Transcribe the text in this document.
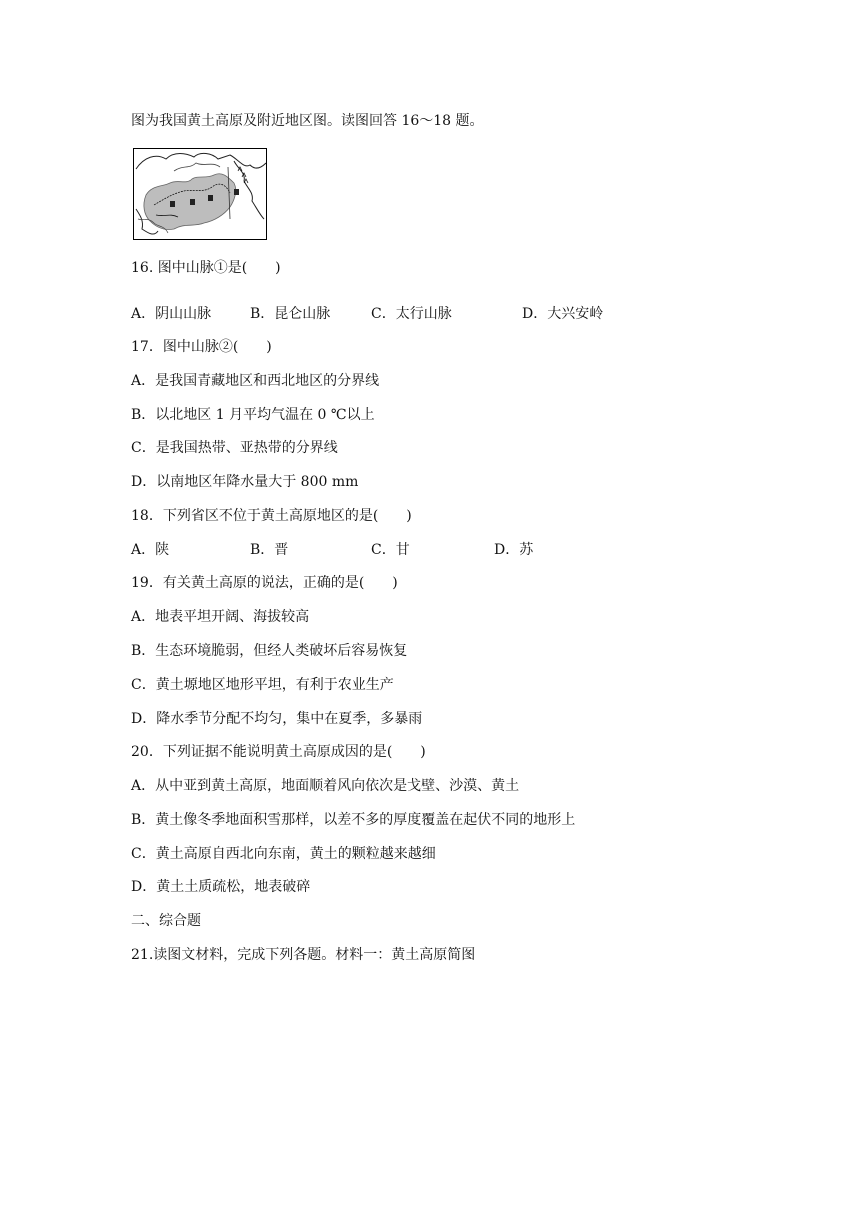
图为我国黄土高原及附近地区图。读图回答 16～18 题。
16. 图中山脉①是(　　)
A．阴山山脉	B．昆仑山脉	C．太行山脉	D．大兴安岭
17．图中山脉②(　　)
A．是我国青藏地区和西北地区的分界线
B．以北地区 1 月平均气温在 0 ℃以上
C．是我国热带、亚热带的分界线
D．以南地区年降水量大于 800 mm
18．下列省区不位于黄土高原地区的是(　　)
A．陕	B．晋	C．甘	D．苏
19．有关黄土高原的说法，正确的是(　　)
A．地表平坦开阔、海拔较高
B．生态环境脆弱，但经人类破坏后容易恢复
C．黄土塬地区地形平坦，有利于农业生产
D．降水季节分配不均匀，集中在夏季，多暴雨
20．下列证据不能说明黄土高原成因的是(　　)
A．从中亚到黄土高原，地面顺着风向依次是戈壁、沙漠、黄土
B．黄土像冬季地面积雪那样，以差不多的厚度覆盖在起伏不同的地形上
C．黄土高原自西北向东南，黄土的颗粒越来越细
D．黄土土质疏松，地表破碎
二、综合题
21.读图文材料，完成下列各题。材料一：黄土高原简图
